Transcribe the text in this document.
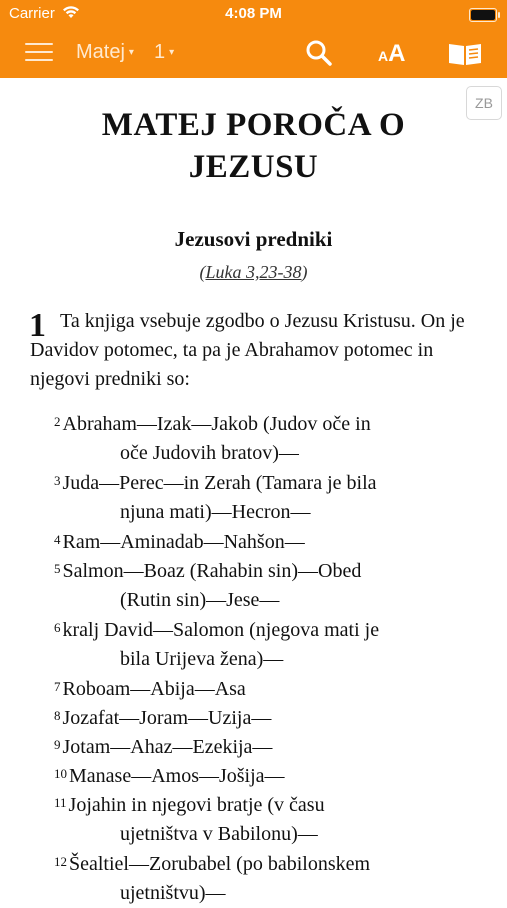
Carrier	4:08 PM
Matej ▾ 1 ▾	AA
ZB
MATEJ POROČA O
JEZUSU
Jezusovi predniki
(Luka 3,23-38)
1 Ta knjiga vsebuje zgodbo o Jezusu Kristusu. On je Davidov potomec, ta pa je Abrahamov potomec in njegovi predniki so:
$^2$ Abraham—Izak—Jakob (Judov oče in
oče Judovih bratov)—
$^3$ Juda—Perec—in Zerah (Tamara je bila
njuna mati)—Hecron—
$^4$ Ram—Aminadab—Nahšon—
$^5$ Salmon—Boaz (Rahabin sin)—Obed
(Rutin sin)—Jese—
$^6$ kralj David—Salomon (njegova mati je
bila Urijeva žena)—
$^7$ Roboam—Abija—Asa
$^8$ Jozafat—Joram—Uzija—
$^9$ Jotam—Ahaz—Ezekija—
$^{10}$ Manase—Amos—Jošija—
$^{11}$ Jojahin in njegovi bratje (v času
ujetništva v Babilonu)—
$^{12}$ Šealtiel—Zorubabel (po babilonskem
ujetništvu)—
